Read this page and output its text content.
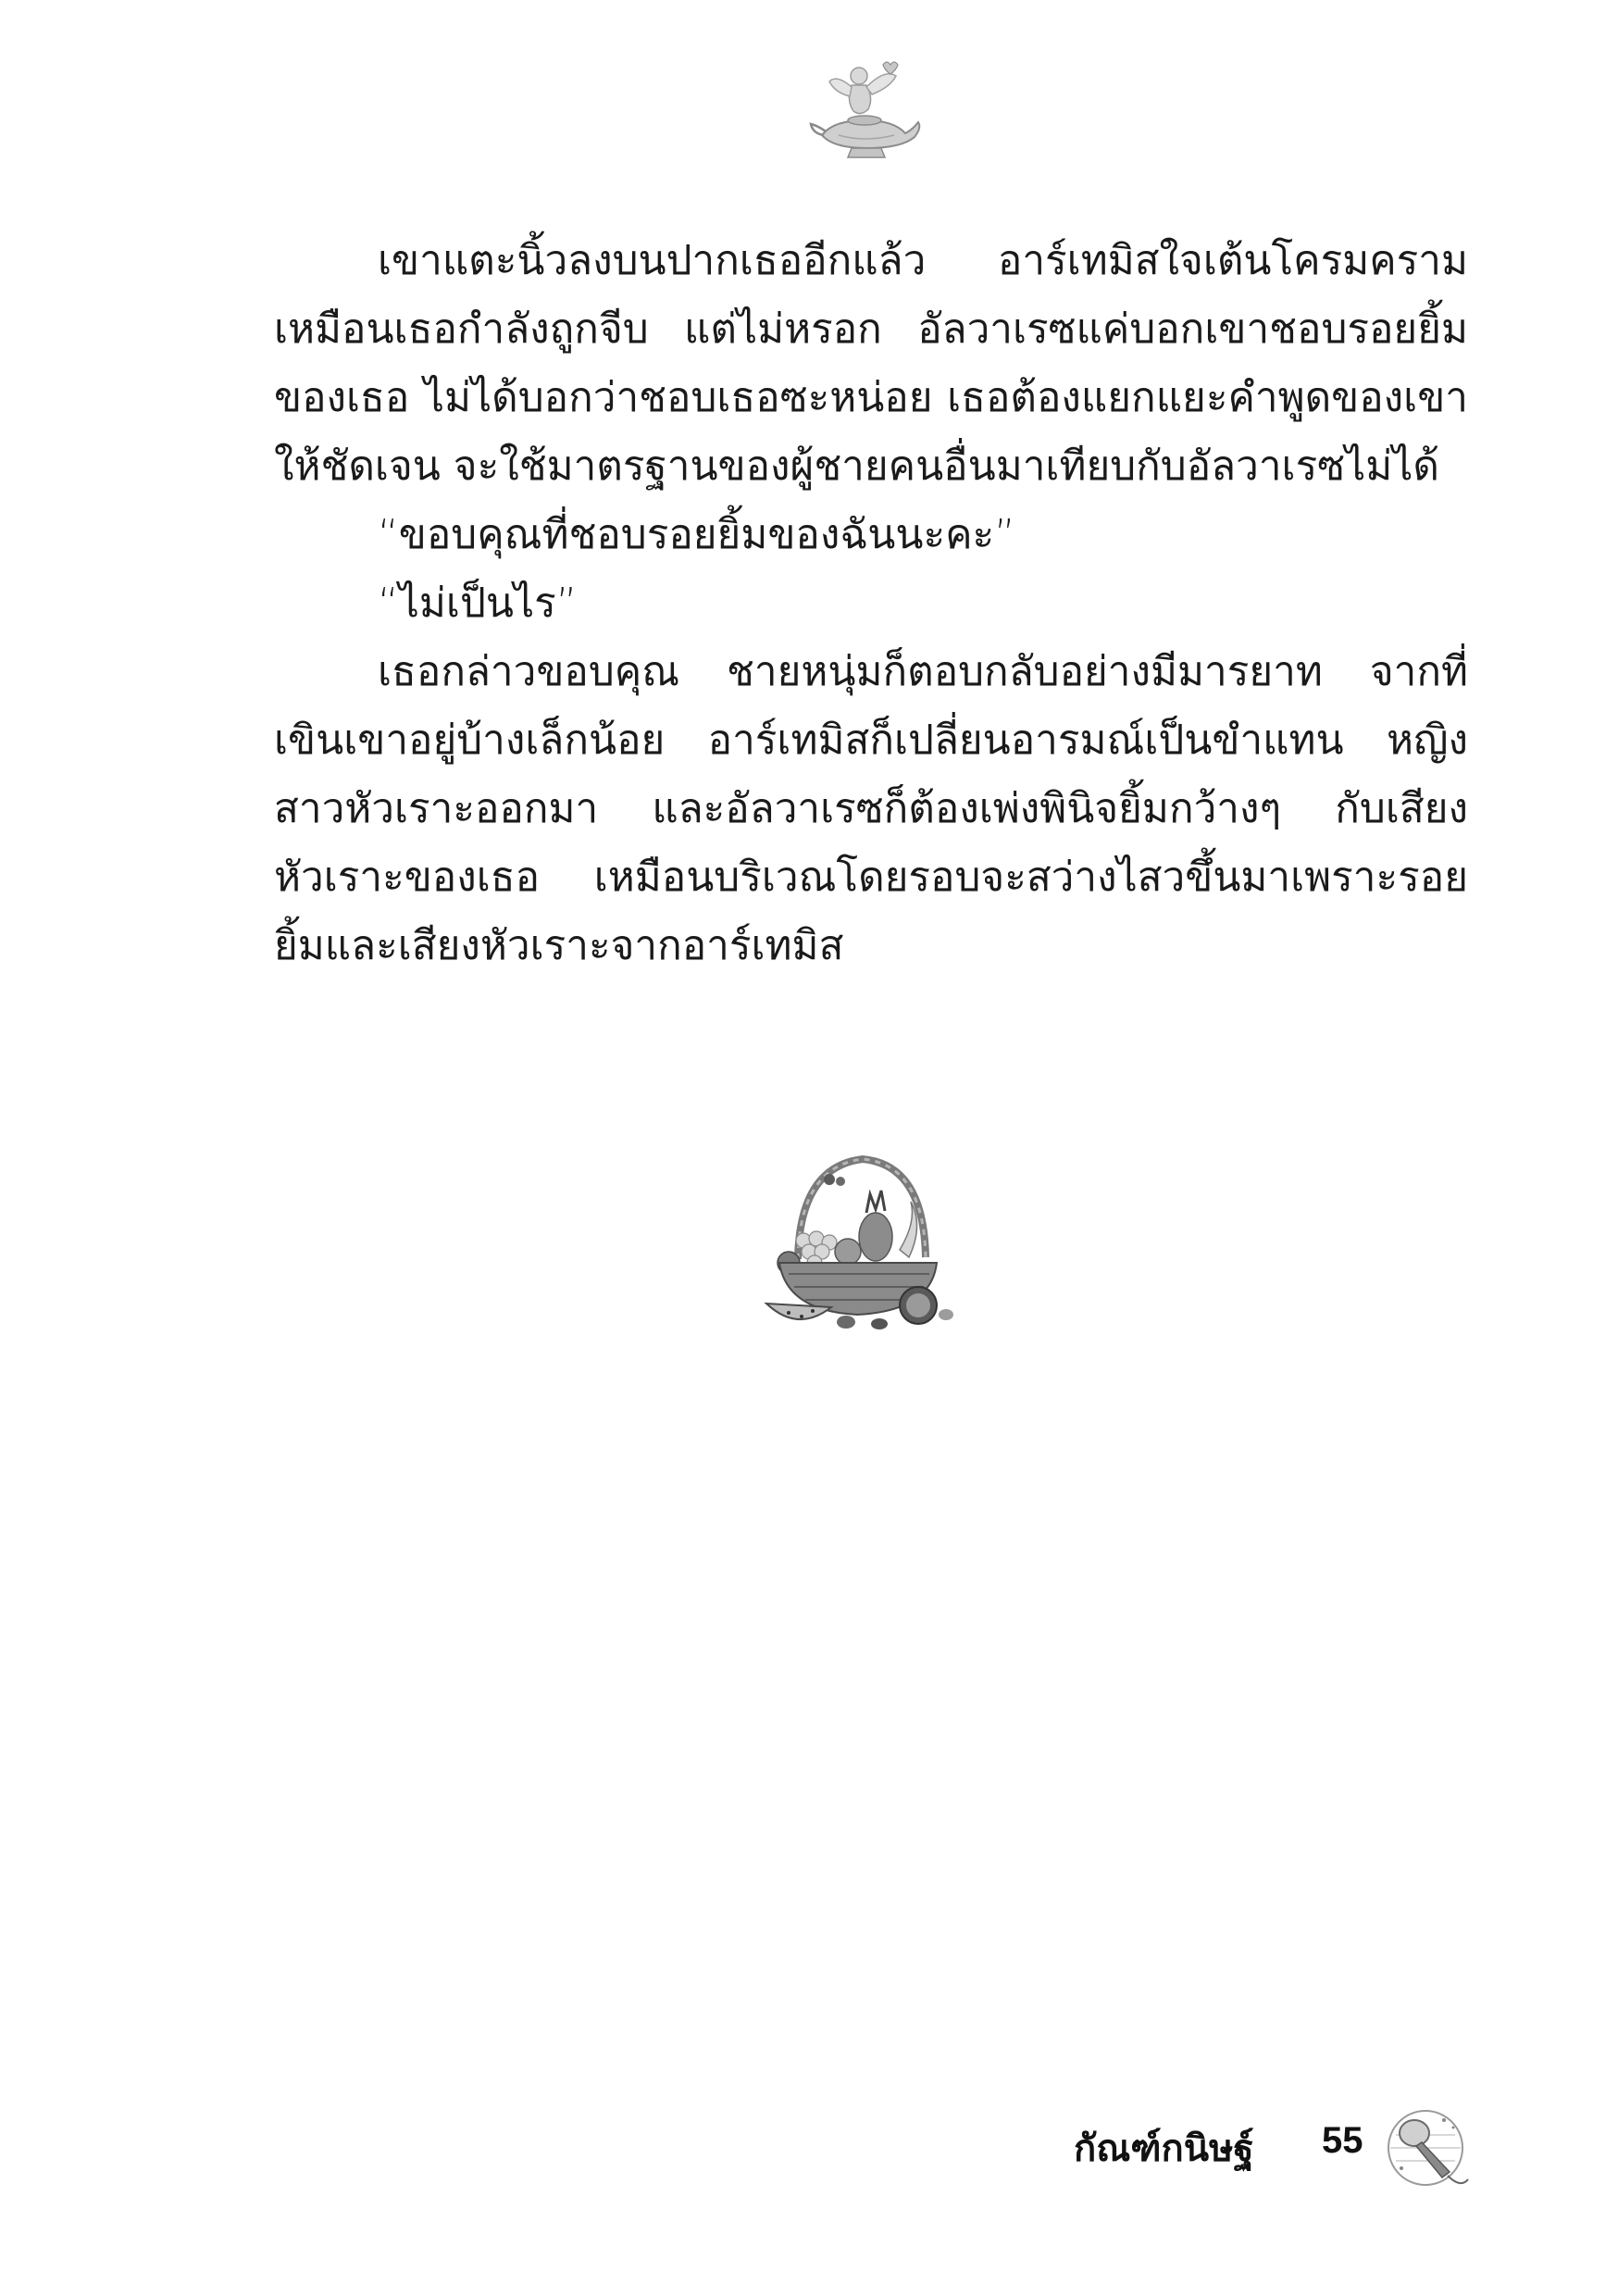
เขาแตะนิ้วลงบนปากเธออีกแล้ว อาร์เทมิสใจเต้นโครมคราม เหมือนเธอกำลังถูกจีบ แต่ไม่หรอก อัลวาเรซแค่บอกเขาชอบรอยยิ้มของเธอ ไม่ได้บอกว่าชอบเธอซะหน่อย เธอต้องแยกแยะคำพูดของเขาให้ชัดเจน จะใช้มาตรฐานของผู้ชายคนอื่นมาเทียบกับอัลวาเรซไม่ได้

“ขอบคุณที่ชอบรอยยิ้มของฉันนะคะ”

“ไม่เป็นไร”

เธอกล่าวขอบคุณ ชายหนุ่มก็ตอบกลับอย่างมีมารยาท จากที่เขินเขาอยู่บ้างเล็กน้อย อาร์เทมิสก็เปลี่ยนอารมณ์เป็นขำแทน หญิงสาวหัวเราะออกมา และอัลวาเรซก็ต้องเพ่งพินิจยิ้มกว้างๆ กับเสียงหัวเราะของเธอ เหมือนบริเวณโดยรอบจะสว่างไสวขึ้นมาเพราะรอยยิ้มและเสียงหัวเราะจากอาร์เทมิส

กัณฑ์กนิษฐ์ 55
